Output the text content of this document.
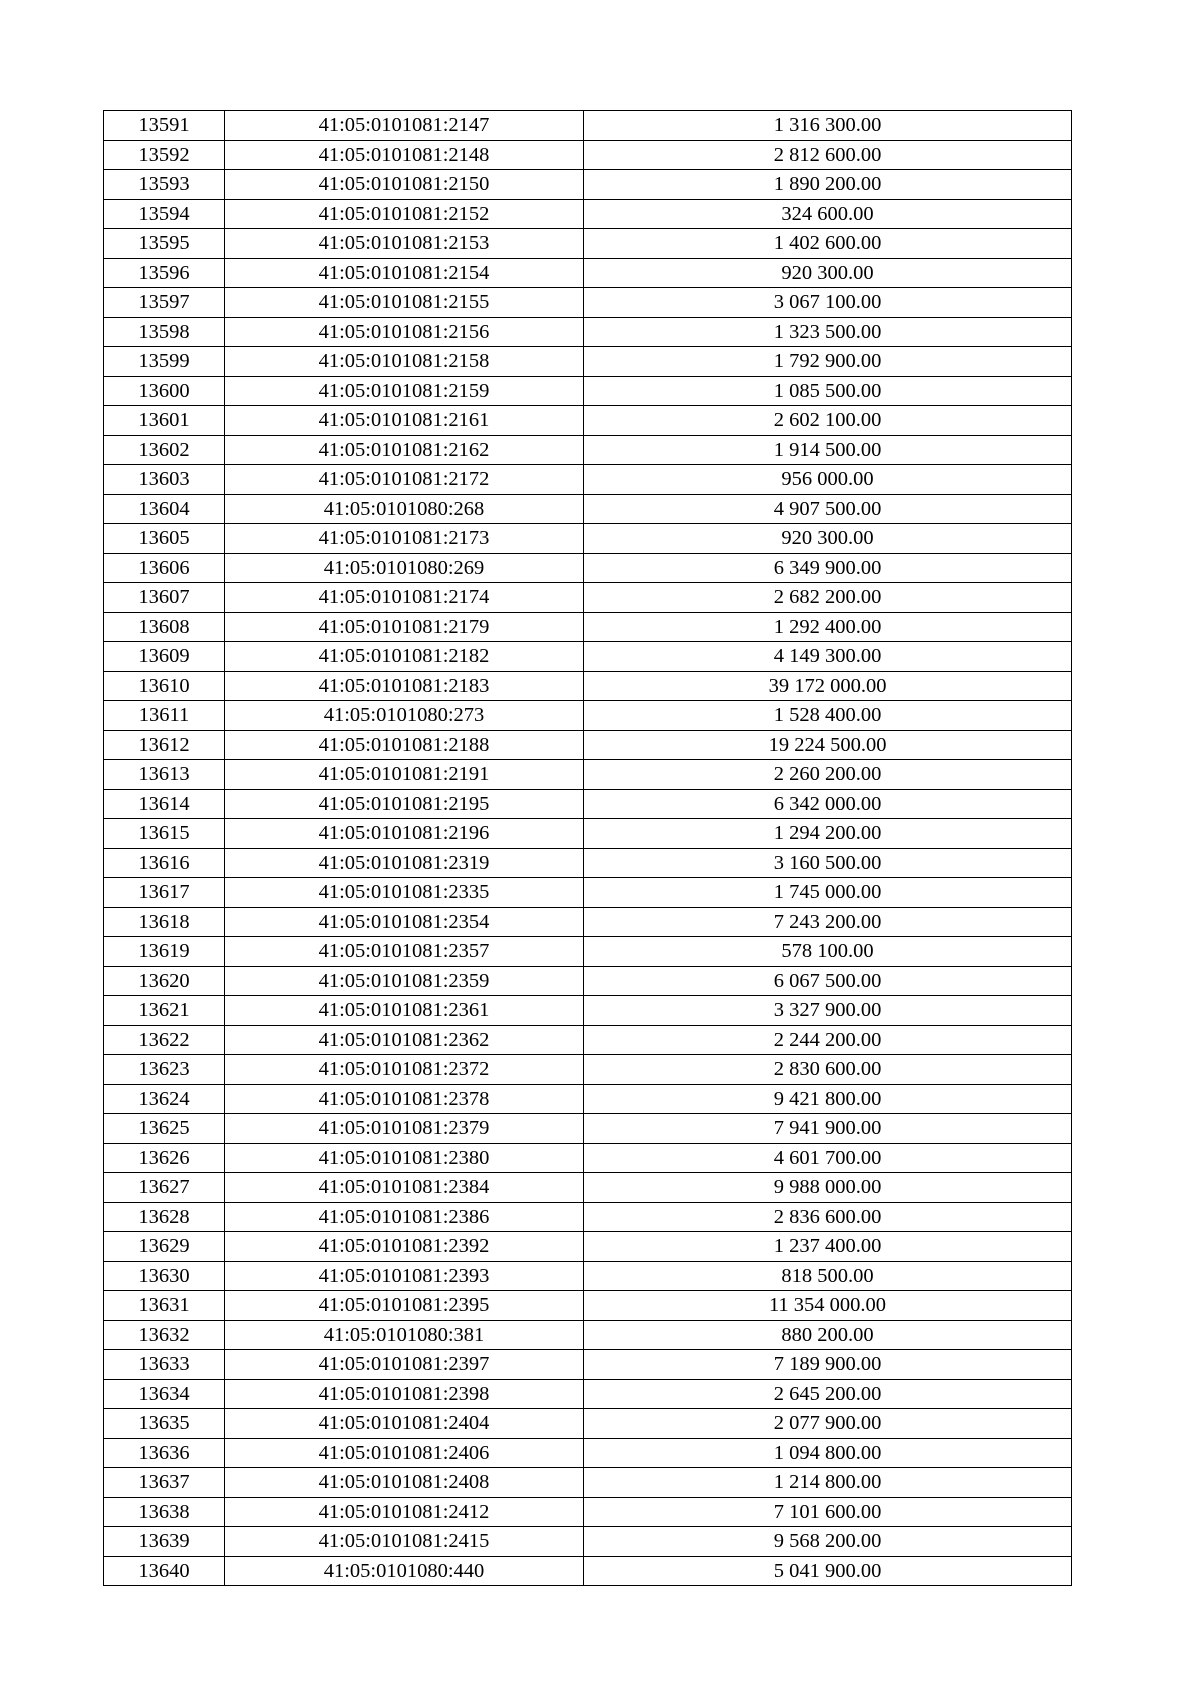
13591	41:05:0101081:2147	1 316 300.00
13592	41:05:0101081:2148	2 812 600.00
13593	41:05:0101081:2150	1 890 200.00
13594	41:05:0101081:2152	324 600.00
13595	41:05:0101081:2153	1 402 600.00
13596	41:05:0101081:2154	920 300.00
13597	41:05:0101081:2155	3 067 100.00
13598	41:05:0101081:2156	1 323 500.00
13599	41:05:0101081:2158	1 792 900.00
13600	41:05:0101081:2159	1 085 500.00
13601	41:05:0101081:2161	2 602 100.00
13602	41:05:0101081:2162	1 914 500.00
13603	41:05:0101081:2172	956 000.00
13604	41:05:0101080:268	4 907 500.00
13605	41:05:0101081:2173	920 300.00
13606	41:05:0101080:269	6 349 900.00
13607	41:05:0101081:2174	2 682 200.00
13608	41:05:0101081:2179	1 292 400.00
13609	41:05:0101081:2182	4 149 300.00
13610	41:05:0101081:2183	39 172 000.00
13611	41:05:0101080:273	1 528 400.00
13612	41:05:0101081:2188	19 224 500.00
13613	41:05:0101081:2191	2 260 200.00
13614	41:05:0101081:2195	6 342 000.00
13615	41:05:0101081:2196	1 294 200.00
13616	41:05:0101081:2319	3 160 500.00
13617	41:05:0101081:2335	1 745 000.00
13618	41:05:0101081:2354	7 243 200.00
13619	41:05:0101081:2357	578 100.00
13620	41:05:0101081:2359	6 067 500.00
13621	41:05:0101081:2361	3 327 900.00
13622	41:05:0101081:2362	2 244 200.00
13623	41:05:0101081:2372	2 830 600.00
13624	41:05:0101081:2378	9 421 800.00
13625	41:05:0101081:2379	7 941 900.00
13626	41:05:0101081:2380	4 601 700.00
13627	41:05:0101081:2384	9 988 000.00
13628	41:05:0101081:2386	2 836 600.00
13629	41:05:0101081:2392	1 237 400.00
13630	41:05:0101081:2393	818 500.00
13631	41:05:0101081:2395	11 354 000.00
13632	41:05:0101080:381	880 200.00
13633	41:05:0101081:2397	7 189 900.00
13634	41:05:0101081:2398	2 645 200.00
13635	41:05:0101081:2404	2 077 900.00
13636	41:05:0101081:2406	1 094 800.00
13637	41:05:0101081:2408	1 214 800.00
13638	41:05:0101081:2412	7 101 600.00
13639	41:05:0101081:2415	9 568 200.00
13640	41:05:0101080:440	5 041 900.00
